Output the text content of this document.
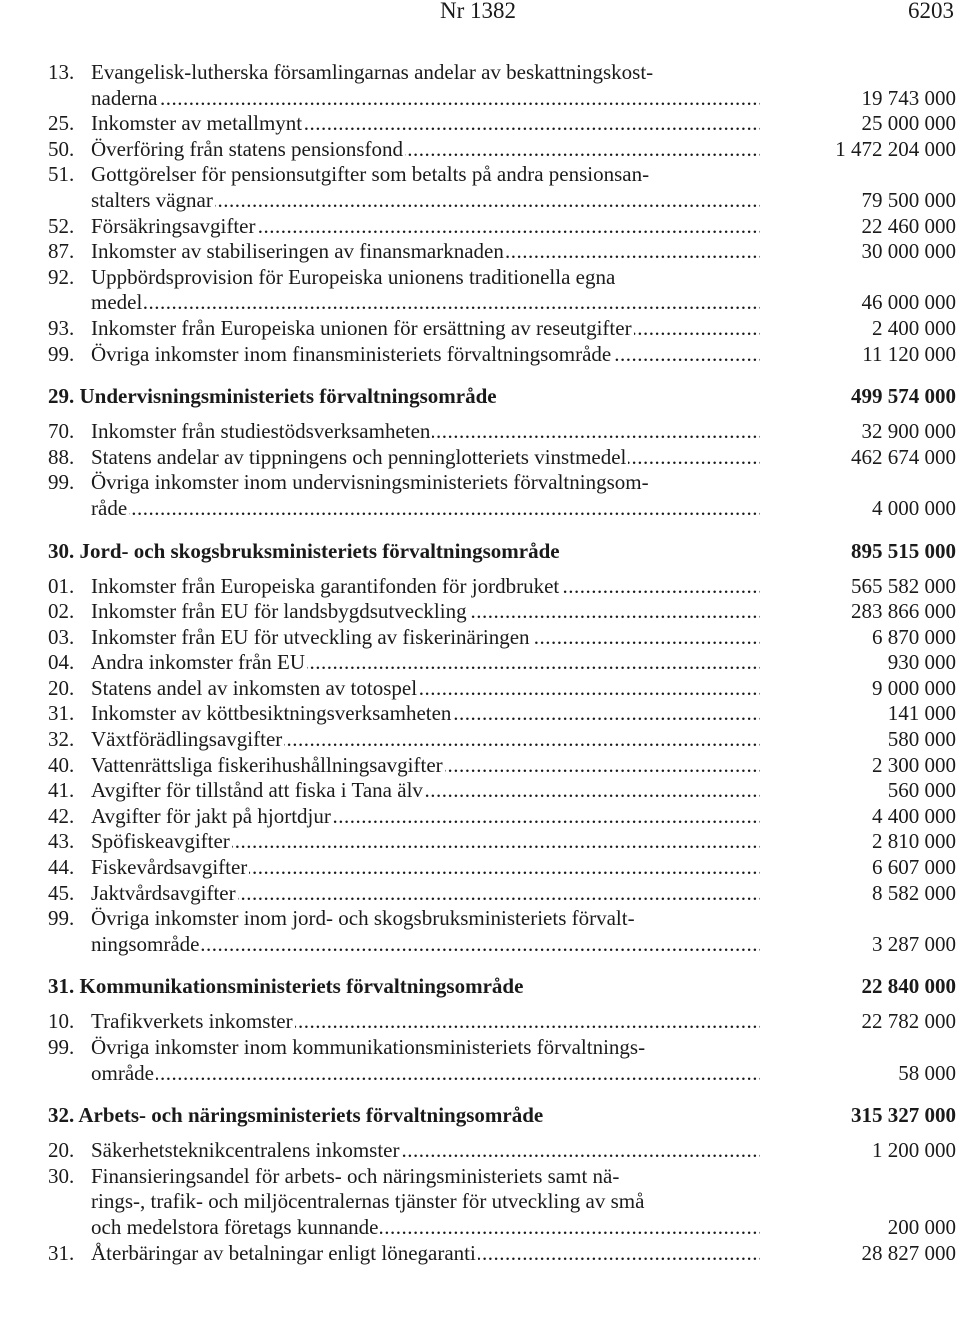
Nr 1382	6203
13. Evangelisk-lutherska församlingarnas andelar av beskattningskost-
naderna .....	19 743 000
25. Inkomster av metallmynt .....	25 000 000
50. Överföring från statens pensionsfond .....	1 472 204 000
51. Gottgörelser för pensionsutgifter som betalts på andra pensionsan-
stalters vägnar .....	79 500 000
52. Försäkringsavgifter .....	22 460 000
87. Inkomster av stabiliseringen av finansmarknaden .....	30 000 000
92. Uppbördsprovision för Europeiska unionens traditionella egna
medel .....	46 000 000
93. Inkomster från Europeiska unionen för ersättning av reseutgifter .....	2 400 000
99. Övriga inkomster inom finansministeriets förvaltningsområde .....	11 120 000
29. Undervisningsministeriets förvaltningsområde	499 574 000
70. Inkomster från studiestödsverksamheten .....	32 900 000
88. Statens andelar av tippningens och penninglotteriets vinstmedel .....	462 674 000
99. Övriga inkomster inom undervisningsministeriets förvaltningsom-
råde .....	4 000 000
30. Jord- och skogsbruksministeriets förvaltningsområde	895 515 000
01. Inkomster från Europeiska garantifonden för jordbruket .....	565 582 000
02. Inkomster från EU för landsbygdsutveckling .....	283 866 000
03. Inkomster från EU för utveckling av fiskerinäringen .....	6 870 000
04. Andra inkomster från EU .....	930 000
20. Statens andel av inkomsten av totospel .....	9 000 000
31. Inkomster av köttbesiktningsverksamheten .....	141 000
32. Växtförädlingsavgifter .....	580 000
40. Vattenrättsliga fiskerihushållningsavgifter .....	2 300 000
41. Avgifter för tillstånd att fiska i Tana älv .....	560 000
42. Avgifter för jakt på hjortdjur .....	4 400 000
43. Spöfiskeavgifter .....	2 810 000
44. Fiskevårdsavgifter .....	6 607 000
45. Jaktvårdsavgifter .....	8 582 000
99. Övriga inkomster inom jord- och skogsbruksministeriets förvalt-
ningsområde .....	3 287 000
31. Kommunikationsministeriets förvaltningsområde	22 840 000
10. Trafikverkets inkomster .....	22 782 000
99. Övriga inkomster inom kommunikationsministeriets förvaltnings-
område .....	58 000
32. Arbets- och näringsministeriets förvaltningsområde	315 327 000
20. Säkerhetsteknikcentralens inkomster .....	1 200 000
30. Finansieringsandel för arbets- och näringsministeriets samt nä-
rings-, trafik- och miljöcentralernas tjänster för utveckling av små
och medelstora företags kunnande .....	200 000
31. Återbäringar av betalningar enligt lönegaranti .....	28 827 000
